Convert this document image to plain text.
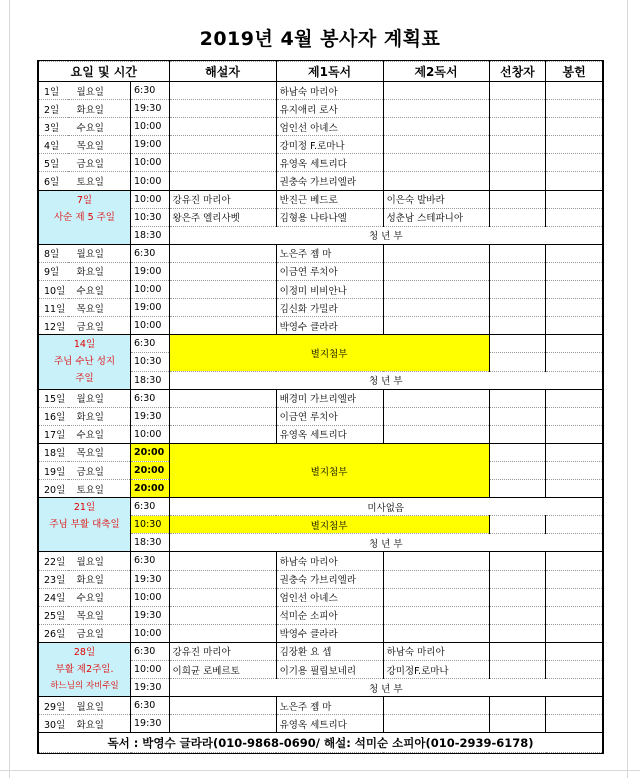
2019년 4월 봉사자 계획표
요일 및 시간			해설자	제1독서	제2독서	선창자	봉헌
1일	월요일	6:30		하남숙 마리아			
2일	화요일	19:30		유지애리 로사			
3일	수요일	10:00		엄인선 아녜스			
4일	목요일	19:00		강미정 F.로마나			
5일	금요일	10:00		유영옥 세트리다			
6일	토요일	10:00		권충숙 가브리엘라			

7일
사순 제 5 주일		10:00	강유진 마리아	반진근 베드로	이은숙 발바라		
		10:30	왕은주 엘리사벳	김형용 나타나엘	성춘남 스테파니아		
		18:30	청 년 부				
8일	월요일	6:30		노은주 젬 마			
9일	화요일	19:00		이금연 루치아			
10일	수요일	10:00		이정미 비비안나			
11일	목요일	19:00		김신화 가밀라			
12일	금요일	10:00		박영수 클라라			

14일
주님 수난 성지
주일		6:30	별지첨부				
		10:30					
		18:30	청 년 부				
15일	월요일	6:30		배경미 가브리엘라			
16일	화요일	19:30		이금연 루치아			
17일	수요일	10:00		유영옥 세트리다			
18일	목요일	20:00	별지첨부				
19일	금요일	20:00					
20일	토요일	20:00					

21일
주님 부활 대축일		6:30	미사없음				
		10:30	별지첨부				
		18:30	청 년 부				
22일	월요일	6:30		하남숙 마리아			
23일	화요일	19:30		권충숙 가브리엘라			
24일	수요일	10:00		엄인선 아녜스			
25일	목요일	19:30		석미순 소피아			
26일	금요일	10:00		박영수 클라라			

28일
부활 제2주일.
하느님의 자비주일		6:30	강유진 마리아	김장환 요 셉	하남숙 마리아		
		10:00	이희균 로베르토	이기용 필립보네리	강미정F.로마나		
		19:30	청 년 부				
29일	월요일	6:30		노은주 젬 마			
30일	화요일	19:30		유영옥 세트리다			
독서 : 박영수 글라라(010-9868-0690/ 해설: 석미순 소피아(010-2939-6178)							
